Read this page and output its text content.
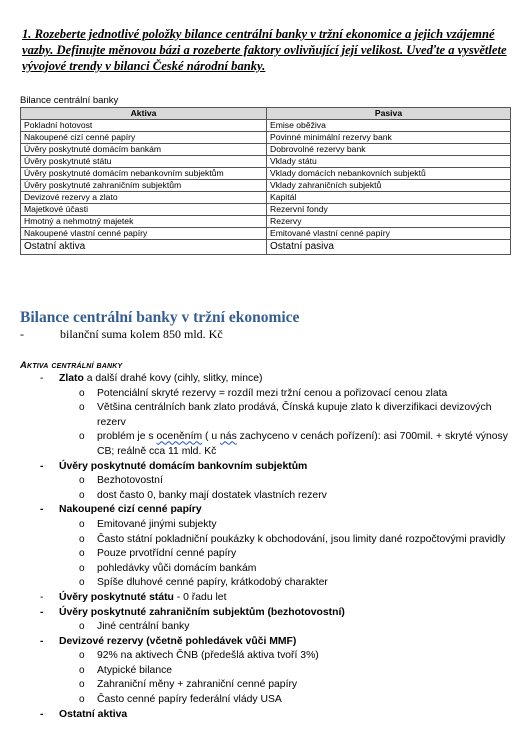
1. Rozeberte jednotlivé položky bilance centrální banky v tržní ekonomice a jejich vzájemné vazby. Definujte měnovou bázi a rozeberte faktory ovlivňující její velikost. Uveďte a vysvětlete vývojové trendy v bilanci České národní banky.
Bilance centrální banky
Aktiva	Pasiva
Pokladní hotovost	Emise oběživa
Nakoupené cizí cenné papíry	Povinné minimální rezervy bank
Úvěry poskytnuté domácím bankám	Dobrovolné rezervy bank
Úvěry poskytnuté státu	Vklady státu
Úvěry poskytnuté domácím nebankovním subjektům	Vklady domácích nebankovních subjektů
Úvěry poskytnuté zahraničním subjektům	Vklady zahraničních subjektů
Devizové rezervy a zlato	Kapitál
Majetkové účasti	Rezervní fondy
Hmotný a nehmotný majetek	Rezervy
Nakoupené vlastní cenné papíry	Emitované vlastní cenné papíry
Ostatní aktiva	Ostatní pasiva
Bilance centrální banky v tržní ekonomice
-	bilanční suma kolem 850 mld. Kč
Aktiva centrální banky
- Zlato a další drahé kovy (cihly, slitky, mince)
o Potenciální skryté rezervy = rozdíl mezi tržní cenou a pořizovací cenou zlata
o Většina centrálních bank zlato prodává, Čínská kupuje zlato k diverzifikaci devizových rezerv
o problém je s oceněním ( u nás zachyceno v cenách pořízení): asi 700mil. + skryté výnosy CB; reálně cca 11 mld. Kč
- Úvěry poskytnuté domácím bankovním subjektům
o Bezhotovostní
o dost často 0, banky mají dostatek vlastních rezerv
- Nakoupené cizí cenné papíry
o Emitované jinými subjekty
o Často státní pokladniční poukázky k obchodování, jsou limity dané rozpočtovými pravidly
o Pouze prvotřídní cenné papíry
o pohledávky vůči domácím bankám
o Spíše dluhové cenné papíry, krátkodobý charakter
- Úvěry poskytnuté státu - 0 řadu let
- Úvěry poskytnuté zahraničním subjektům (bezhotovostní)
o Jiné centrální banky
- Devizové rezervy (včetně pohledávek vůči MMF)
o 92% na aktivech ČNB (předešlá aktiva tvoří 3%)
o Atypické bilance
o Zahraniční měny + zahraniční cenné papíry
o Často cenné papíry federální vlády USA
- Ostatní aktiva
